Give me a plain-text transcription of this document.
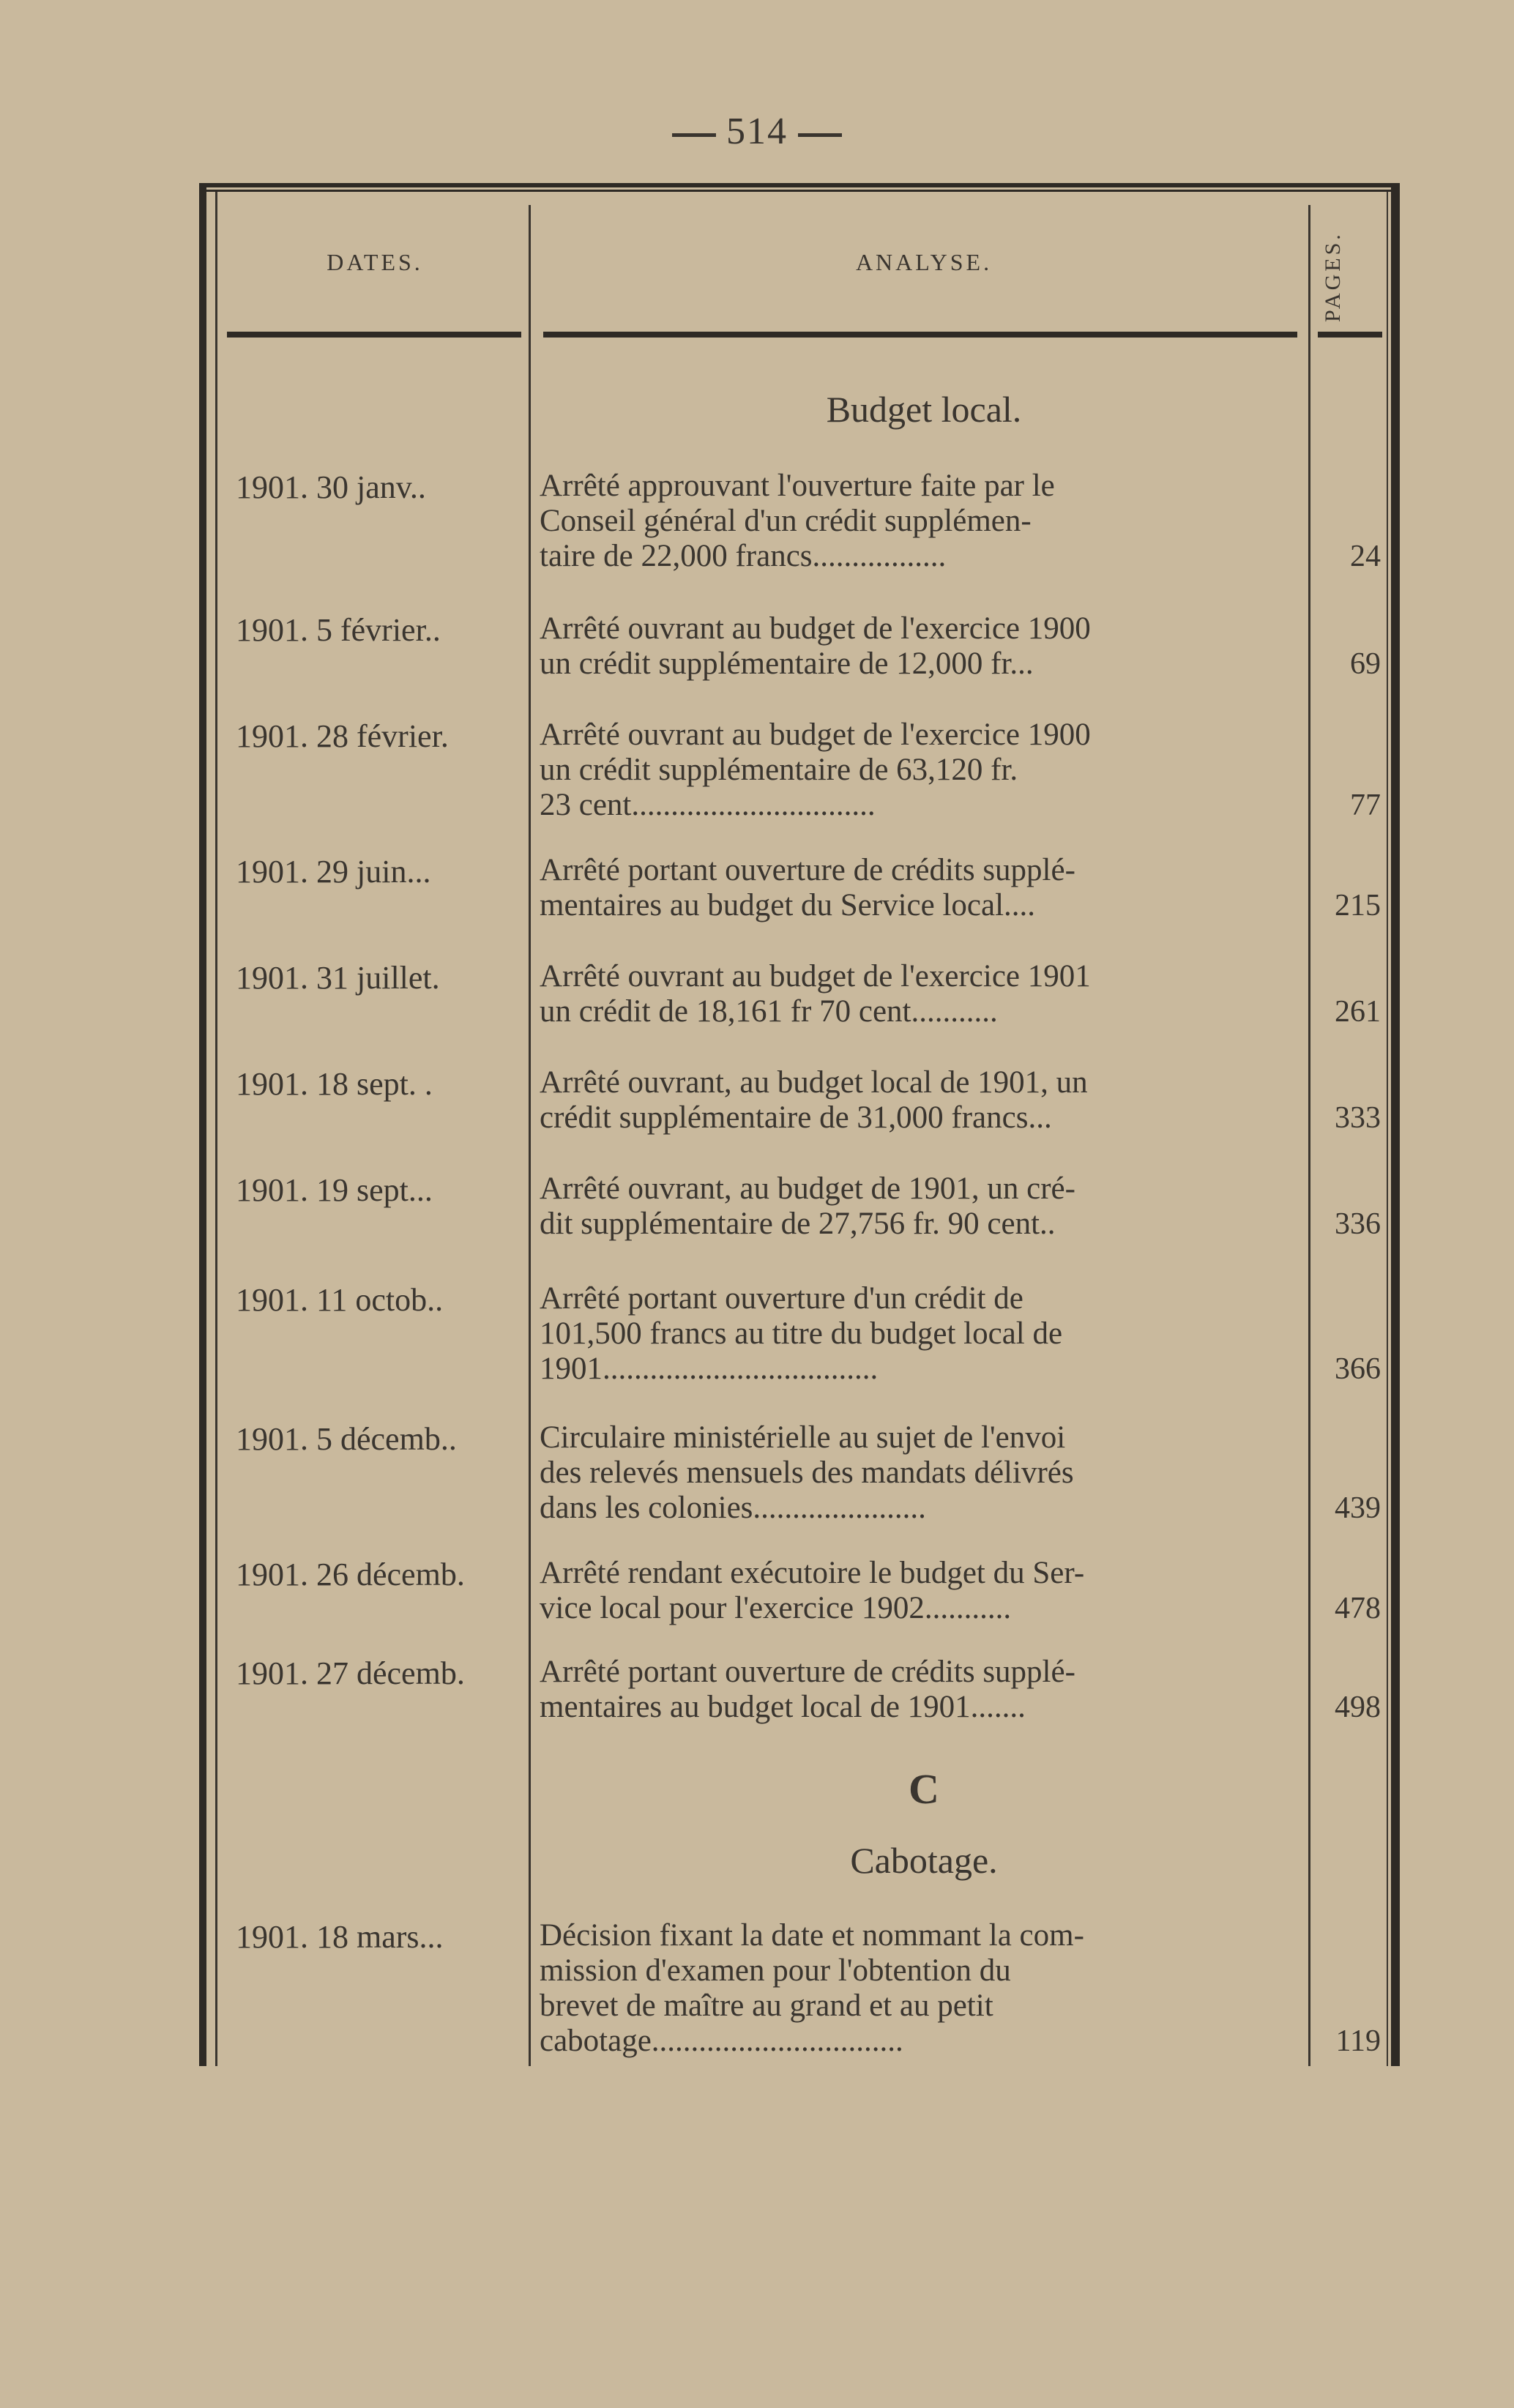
514
DATES.	ANALYSE.	PAGES.
Budget local.
1901. 30 janv..	Arrêté approuvant l'ouverture faite par le
Conseil général d'un crédit supplémen-
taire de 22,000 francs.................	24
1901. 5 février..	Arrêté ouvrant au budget de l'exercice 1900
un crédit supplémentaire de 12,000 fr...	69
1901. 28 février.	Arrêté ouvrant au budget de l'exercice 1900
un crédit supplémentaire de 63,120 fr.
23 cent...............................	77
1901. 29 juin...	Arrêté portant ouverture de crédits supplé-
mentaires au budget du Service local....	215
1901. 31 juillet.	Arrêté ouvrant au budget de l'exercice 1901
un crédit de 18,161 fr 70 cent...........	261
1901. 18 sept. .	Arrêté ouvrant, au budget local de 1901, un
crédit supplémentaire de 31,000 francs...	333
1901. 19 sept...	Arrêté ouvrant, au budget de 1901, un cré-
dit supplémentaire de 27,756 fr. 90 cent..	336
1901. 11 octob..	Arrêté portant ouverture d'un crédit de
101,500 francs au titre du budget local de
1901...................................	366
1901. 5 décemb..	Circulaire ministérielle au sujet de l'envoi
des relevés mensuels des mandats délivrés
dans les colonies......................	439
1901. 26 décemb.	Arrêté rendant exécutoire le budget du Ser-
vice local pour l'exercice 1902...........	478
1901. 27 décemb.	Arrêté portant ouverture de crédits supplé-
mentaires au budget local de 1901.......	498
C
Cabotage.
1901. 18 mars...	Décision fixant la date et nommant la com-
mission d'examen pour l'obtention du
brevet de maître au grand et au petit
cabotage................................	119
